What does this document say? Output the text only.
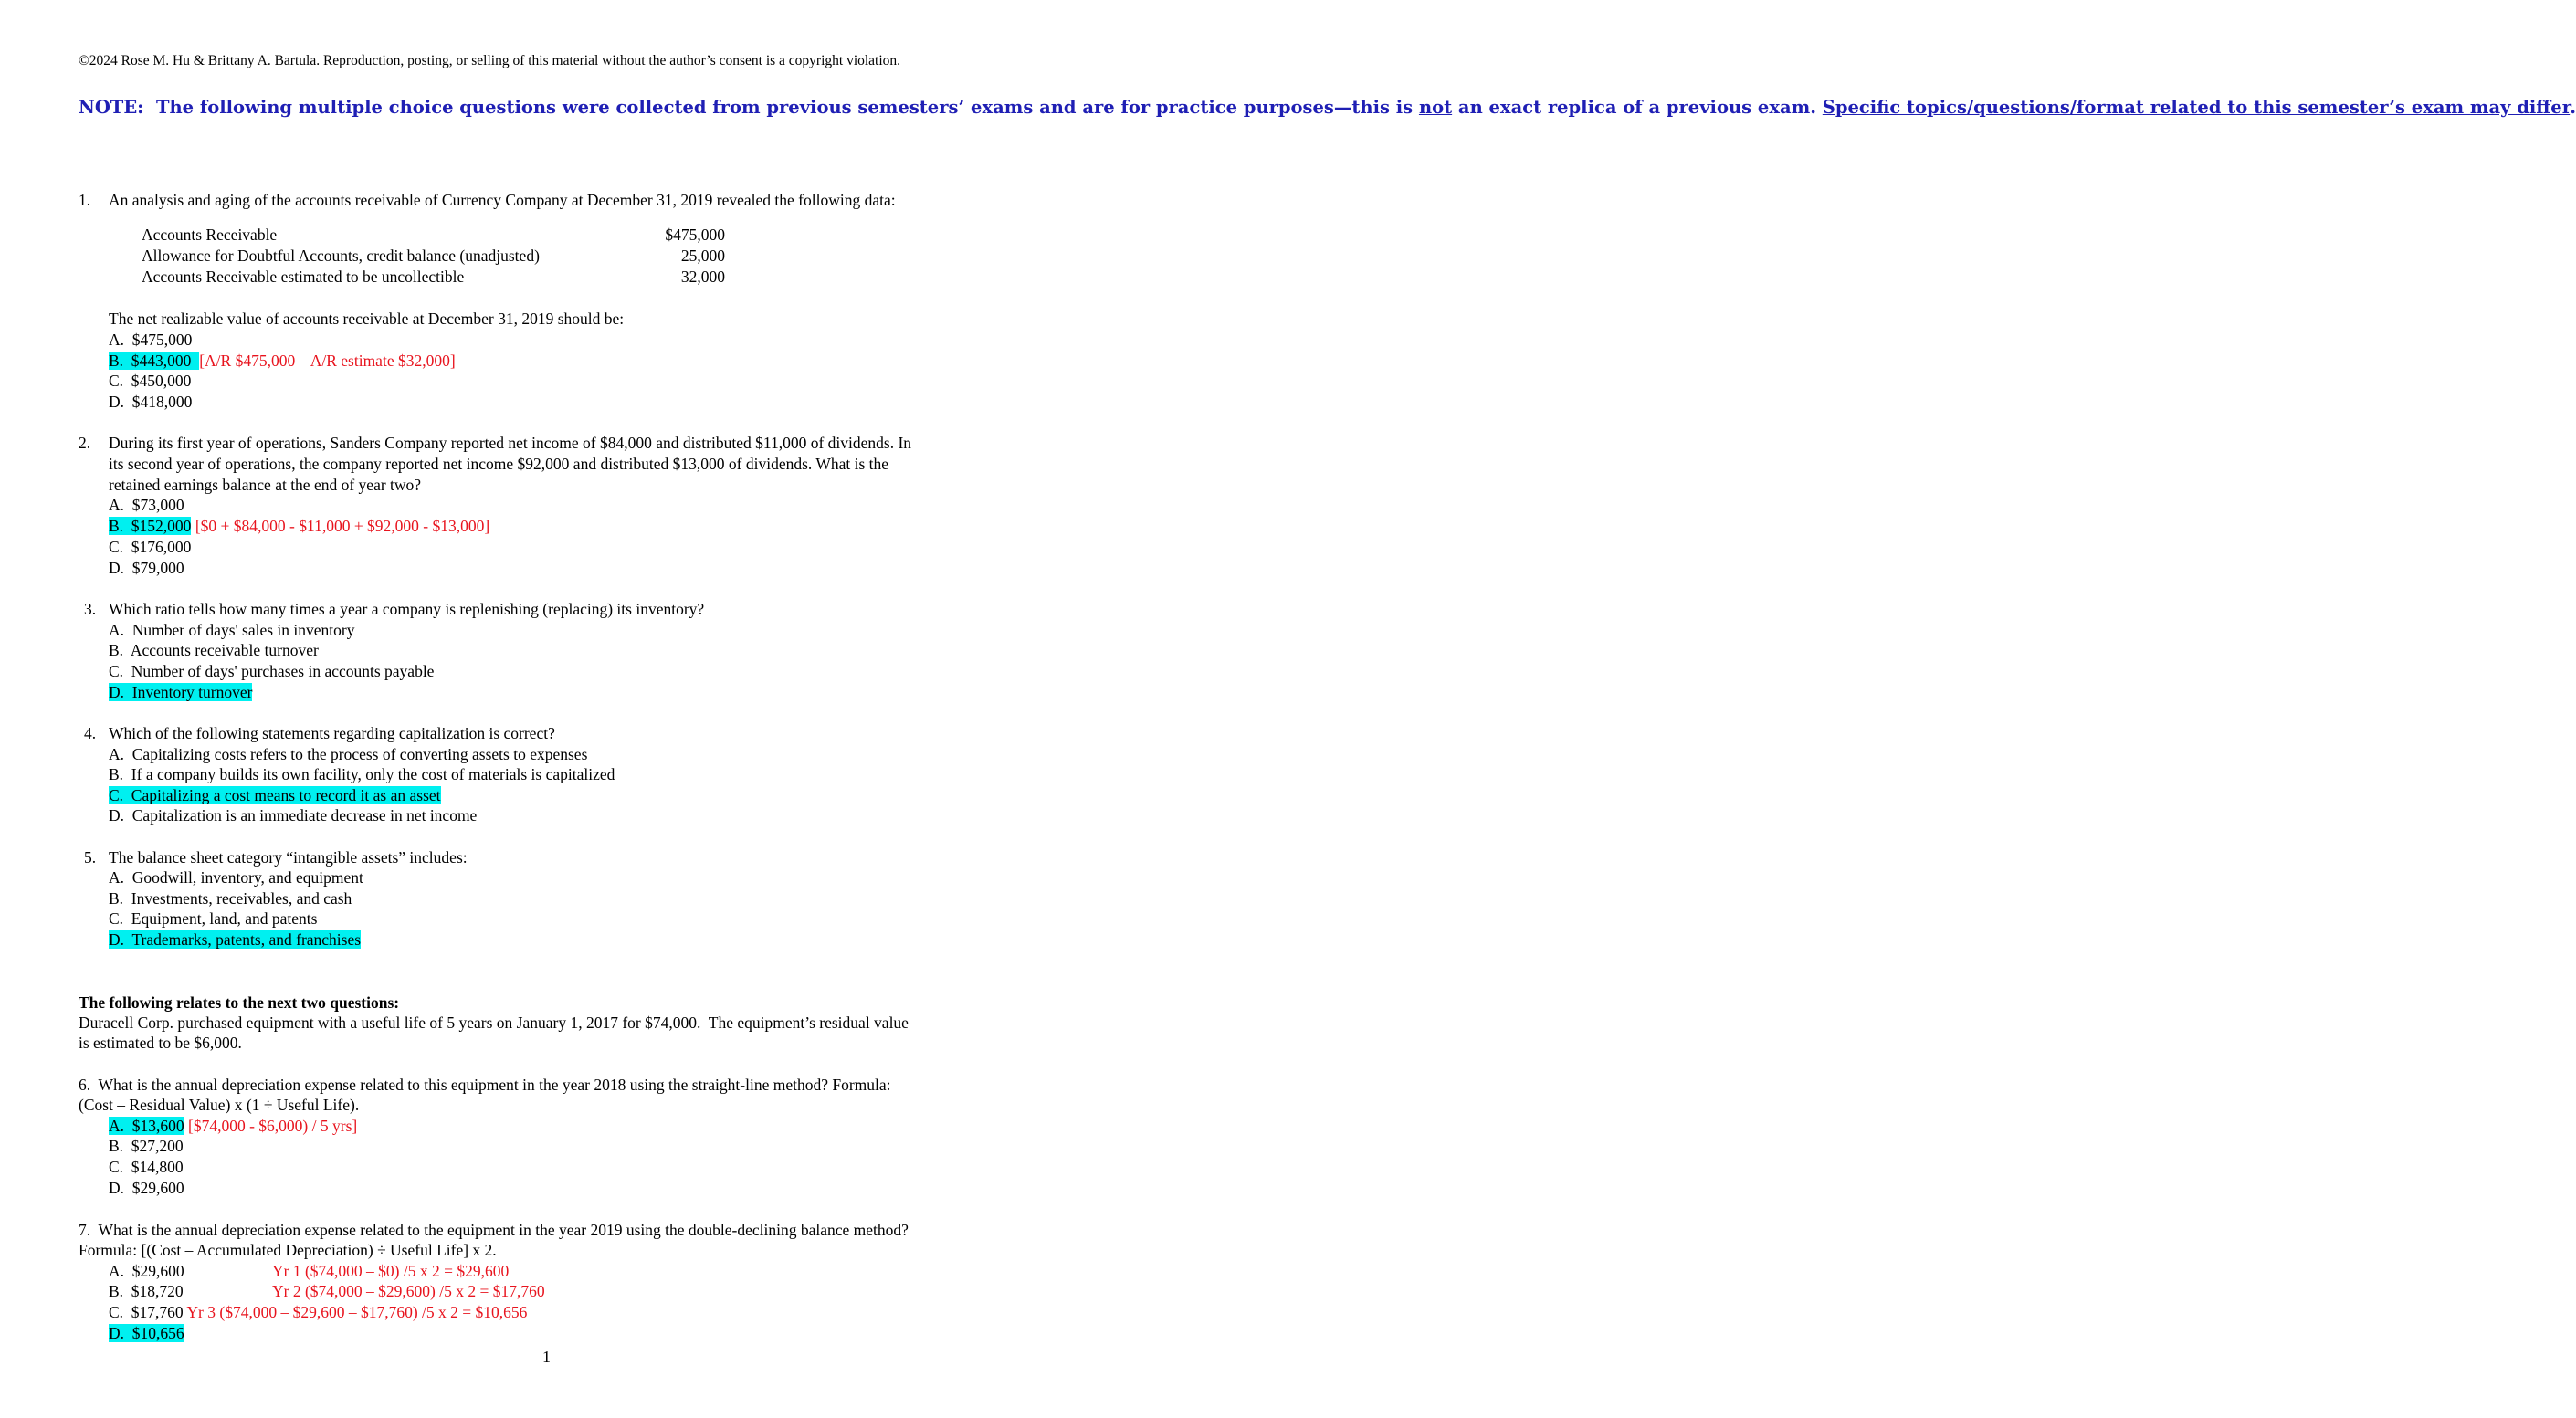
©2024 Rose M. Hu & Brittany A. Bartula. Reproduction, posting, or selling of this material without the author’s consent is a copyright violation.
NOTE:  The following multiple choice questions were collected from previous semesters’ exams and are for practice purposes—this is not an exact replica of a previous exam. Specific topics/questions/format related to this semester’s exam may differ.
1. An analysis and aging of the accounts receivable of Currency Company at December 31, 2019 revealed the following data:
Accounts Receivable	$475,000
Allowance for Doubtful Accounts, credit balance (unadjusted)	25,000
Accounts Receivable estimated to be uncollectible	32,000
The net realizable value of accounts receivable at December 31, 2019 should be:
A.  $475,000
B.  $443,000  [A/R $475,000 – A/R estimate $32,000]
C.  $450,000
D.  $418,000
2. During its first year of operations, Sanders Company reported net income of $84,000 and distributed $11,000 of dividends. In
its second year of operations, the company reported net income $92,000 and distributed $13,000 of dividends. What is the
retained earnings balance at the end of year two?
A.  $73,000
B.  $152,000 [$0 + $84,000 - $11,000 + $92,000 - $13,000]
C.  $176,000
D.  $79,000
3. Which ratio tells how many times a year a company is replenishing (replacing) its inventory?
A.  Number of days' sales in inventory
B.  Accounts receivable turnover
C.  Number of days' purchases in accounts payable
D.  Inventory turnover
4. Which of the following statements regarding capitalization is correct?
A.  Capitalizing costs refers to the process of converting assets to expenses
B.  If a company builds its own facility, only the cost of materials is capitalized
C.  Capitalizing a cost means to record it as an asset
D.  Capitalization is an immediate decrease in net income
5. The balance sheet category “intangible assets” includes:
A.  Goodwill, inventory, and equipment
B.  Investments, receivables, and cash
C.  Equipment, land, and patents
D.  Trademarks, patents, and franchises
The following relates to the next two questions:
Duracell Corp. purchased equipment with a useful life of 5 years on January 1, 2017 for $74,000.  The equipment’s residual value
is estimated to be $6,000.
6.  What is the annual depreciation expense related to this equipment in the year 2018 using the straight-line method? Formula:
(Cost – Residual Value) x (1 ÷ Useful Life).
A.  $13,600 [$74,000 - $6,000) / 5 yrs]
B.  $27,200
C.  $14,800
D.  $29,600
7.  What is the annual depreciation expense related to the equipment in the year 2019 using the double-declining balance method?
Formula: [(Cost – Accumulated Depreciation) ÷ Useful Life] x 2.
A.  $29,600	Yr 1 ($74,000 – $0) /5 x 2 = $29,600
B.  $18,720	Yr 2 ($74,000 – $29,600) /5 x 2 = $17,760
C.  $17,760 Yr 3 ($74,000 – $29,600 – $17,760) /5 x 2 = $10,656
D.  $10,656
1
